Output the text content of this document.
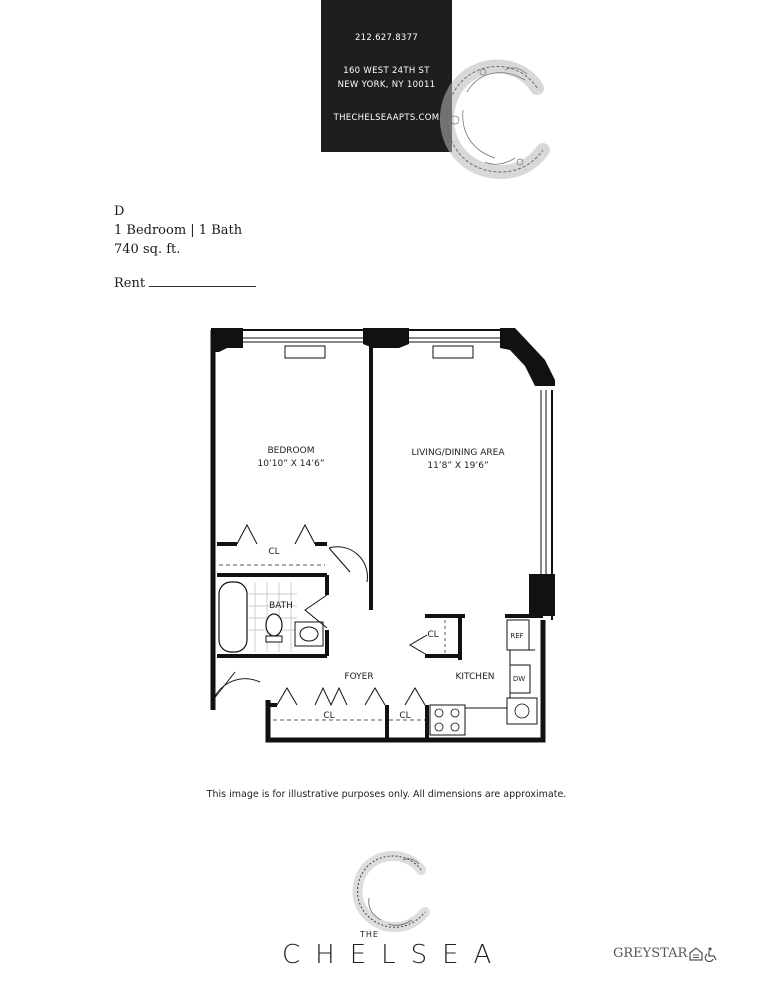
212.627.8377
160 WEST 24TH ST
NEW YORK, NY 10011
THECHELSEAAPTS.COM
D
1 Bedroom | 1 Bath
740 sq. ft.
Rent
BEDROOM
10’10” X 14’6”
LIVING/DINING AREA
11’8” X 19’6”
CL
BATH
FOYER	KITCHEN
CL
CL	CL
REF
DW
This image is for illustrative purposes only. All dimensions are approximate.
THE
CHELSEA	GREYSTAR
